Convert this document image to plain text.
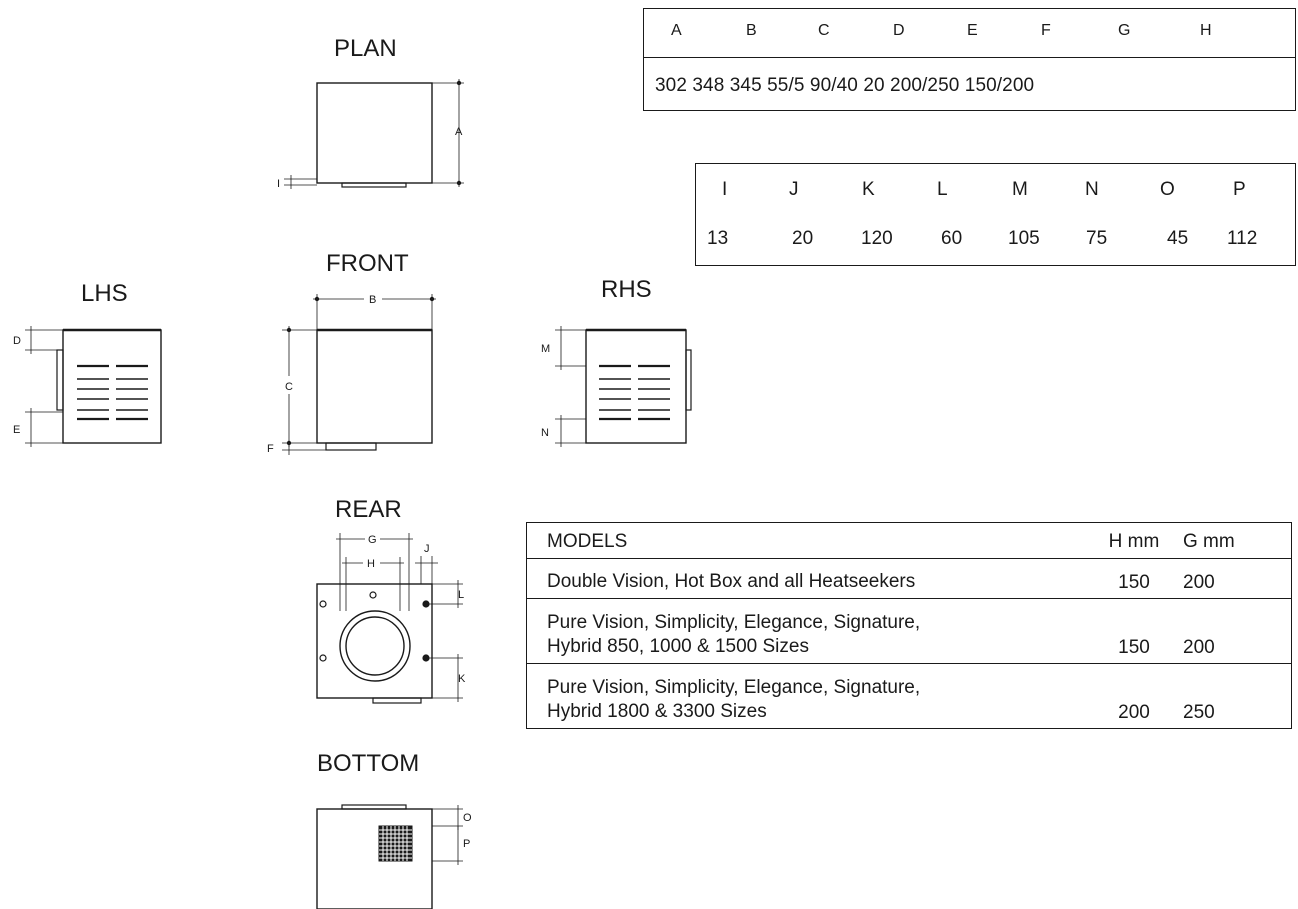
PLAN
FRONT
LHS	RHS
REAR
BOTTOM
A
I
B
C
F
D
E
M
N
G
H
J
L
K
O
P
A	B	C	D	E	F	G	H
302 348 345 55/5 90/40 20 200/250 150/200
I	J	K	L	M	N	O	P
13	20	120	60 105 75	45 112
MODELS	H mm	G mm

Double Vision, Hot Box and all Heatseekers	150	200

Pure Vision, Simplicity, Elegance, Signature,
Hybrid 850, 1000 & 1500 Sizes	150	200

Pure Vision, Simplicity, Elegance, Signature,
Hybrid 1800 & 3300 Sizes	200	250
